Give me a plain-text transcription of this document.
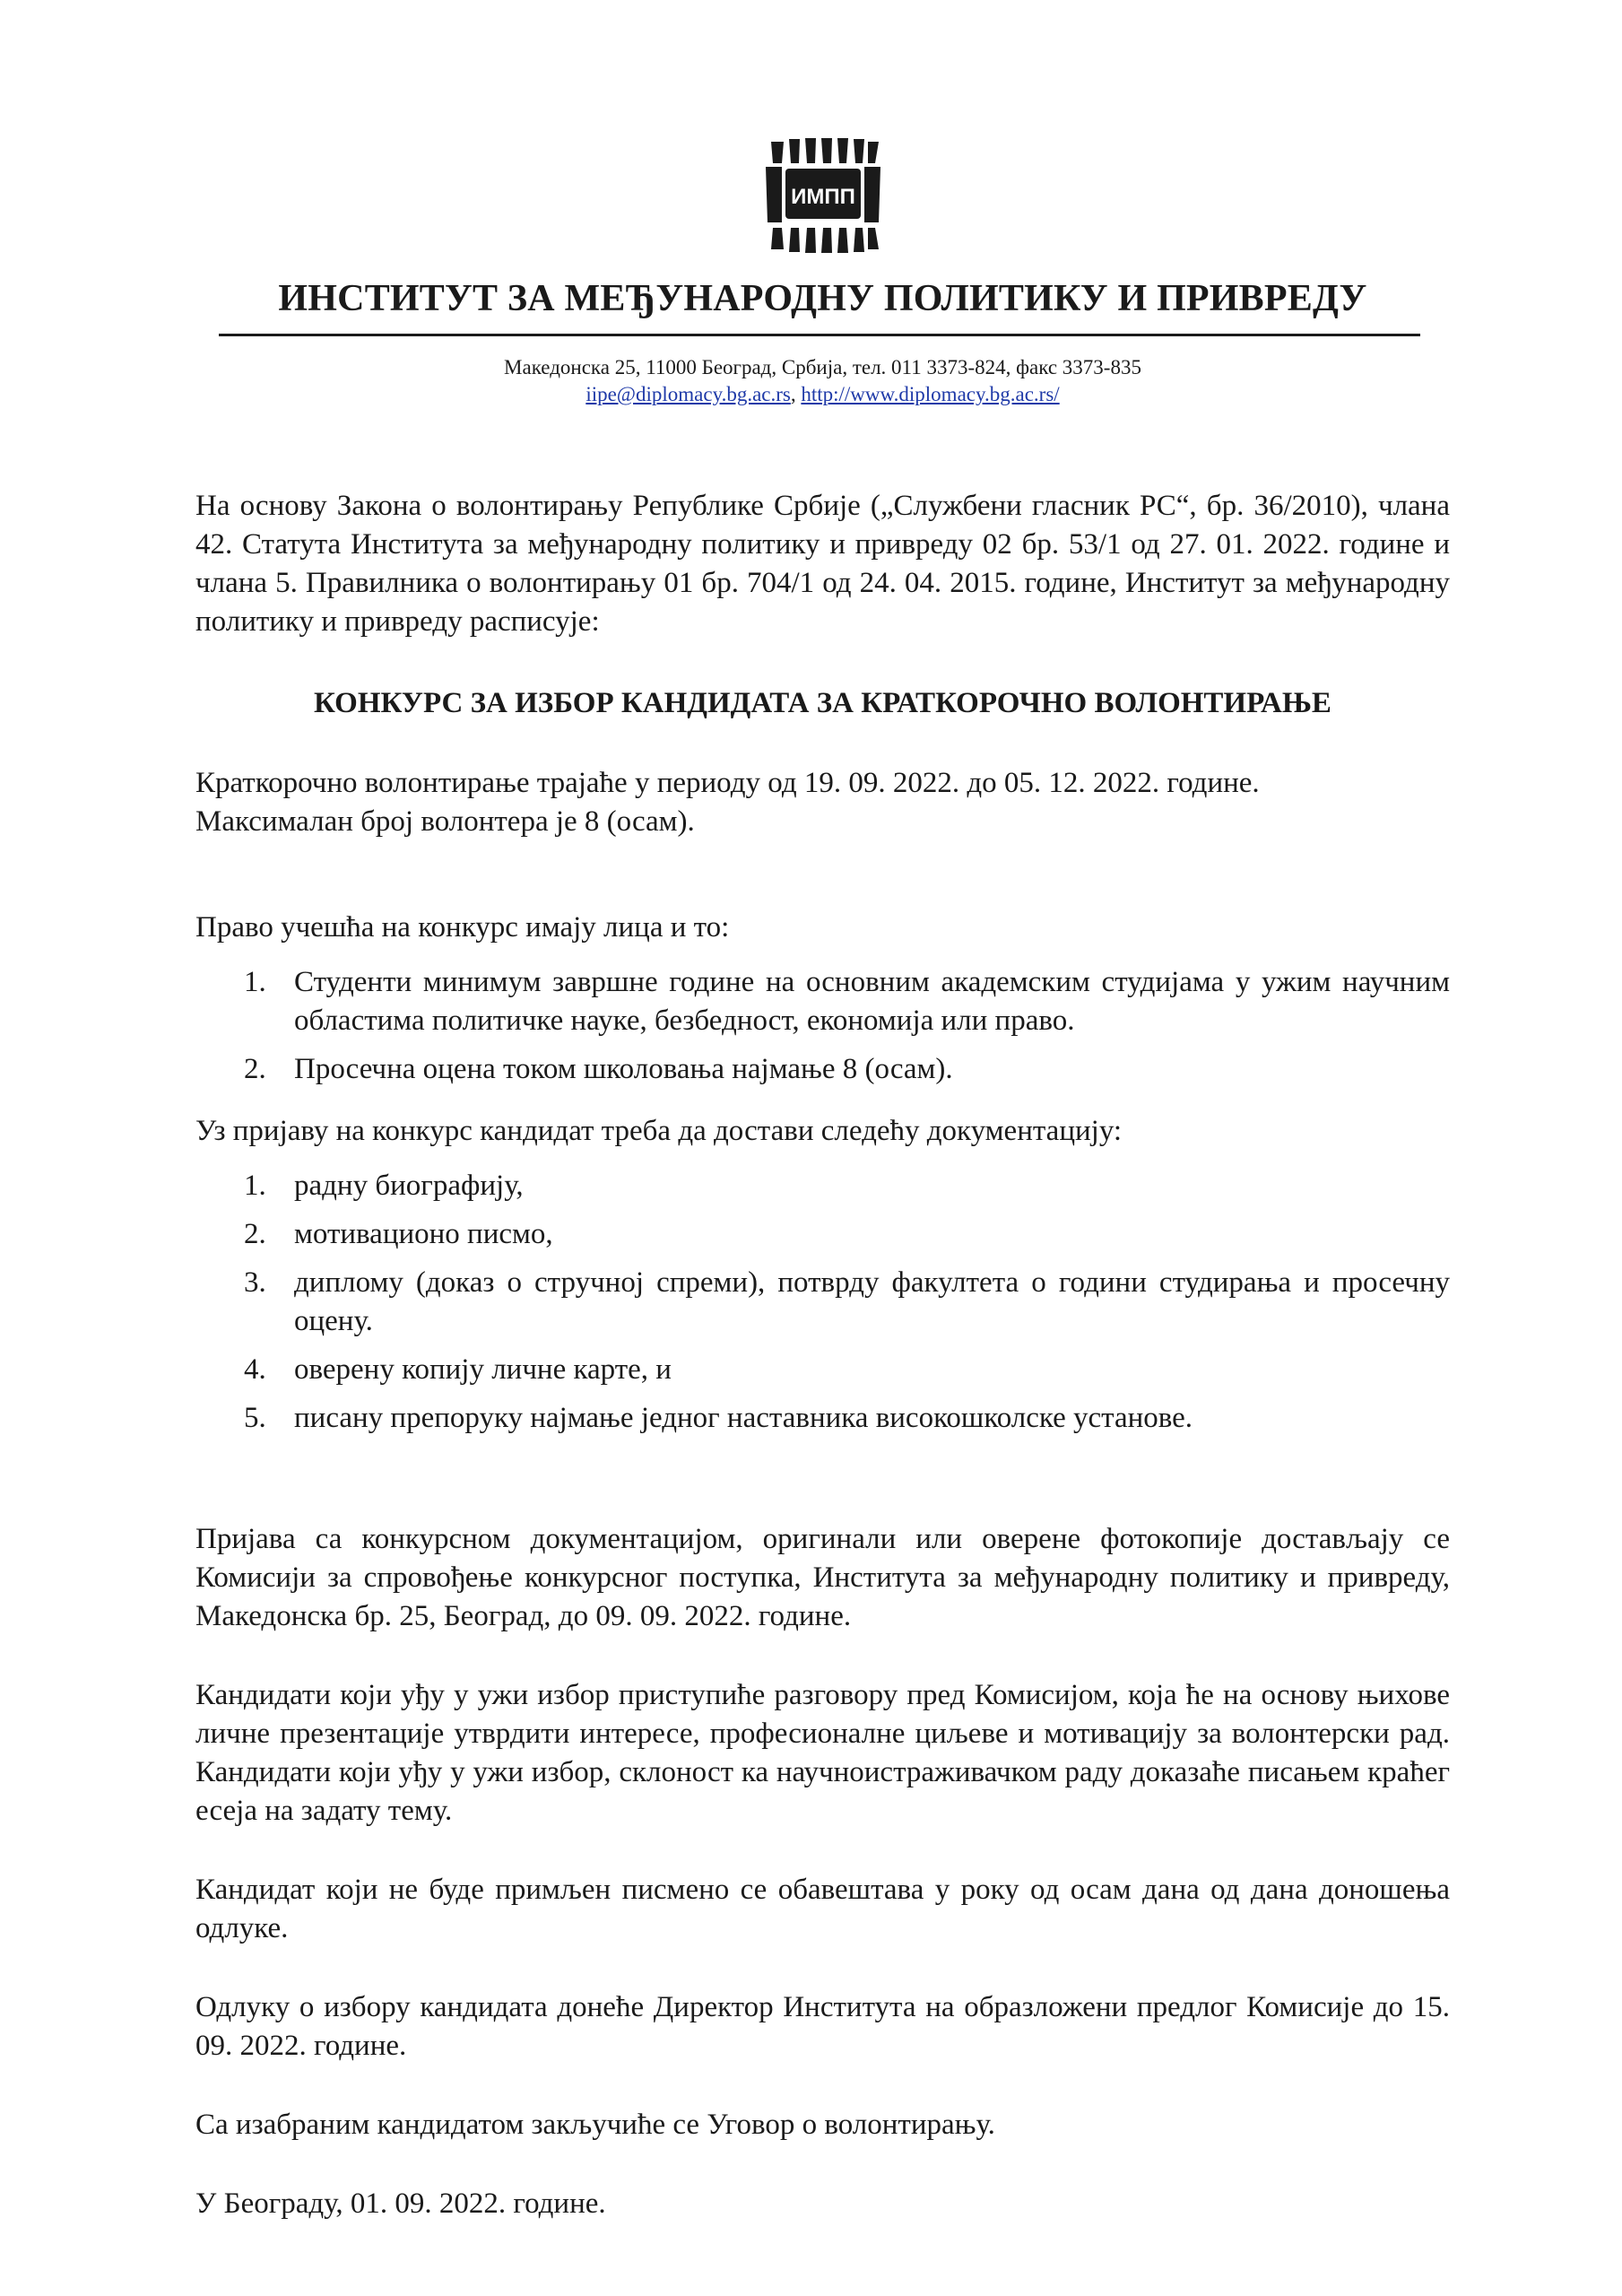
ИМПП
ИНСТИТУТ ЗА МЕЂУНАРОДНУ ПОЛИТИКУ И ПРИВРЕДУ
Македонска 25, 11000 Београд, Србија, тел. 011 3373-824, факс 3373-835
iipe@diplomacy.bg.ac.rs, http://www.diplomacy.bg.ac.rs/

На основу Закона о волонтирању Републике Србије („Службени гласник РС“, бр. 36/2010), члана 42. Статута Института за међународну политику и привреду 02 бр. 53/1 од 27. 01. 2022. године и члана 5. Правилника о волонтирању 01 бр. 704/1 од 24. 04. 2015. године, Институт за међународну политику и привреду расписује:

КОНКУРС ЗА ИЗБОР КАНДИДАТА ЗА КРАТКОРОЧНО ВОЛОНТИРАЊЕ

Краткорочно волонтирање трајаће у периоду од 19. 09. 2022. до 05. 12. 2022. године.

Максималан број волонтера је 8 (осам).

Право учешћа на конкурс имају лица и то:

1. Студенти минимум завршне године на основним академским студијама у ужим научним областима политичке науке, безбедност, економија или право.
2. Просечна оцена током школовања најмање 8 (осам).

Уз пријаву на конкурс кандидат треба да достави следећу документацију:

1. радну биографију,
2. мотивационо писмо,
3. диплому (доказ о стручној спреми), потврду факултета о години студирања и просечну оцену.
4. оверену копију личне карте, и
5. писану препоруку најмање једног наставника високошколске установе.

Пријава са конкурсном документацијом, оригинали или оверене фотокопије достављају се Комисији за спровођење конкурсног поступка, Института за међународну политику и привреду, Македонска бр. 25, Београд, до 09. 09. 2022. године.

Кандидати који уђу у ужи избор приступиће разговору пред Комисијом, која ће на основу њихове личне презентације утврдити интересе, професионалне циљеве и мотивацију за волонтерски рад. Кандидати који уђу у ужи избор, склоност ка научноистраживачком раду доказаће писањем краћег есеја на задату тему.

Кандидат који не буде примљен писмено се обавештава у року од осам дана од дана доношења одлуке.

Одлуку о избору кандидата донеће Директор Института на образложени предлог Комисије до 15. 09. 2022. године.

Са изабраним кандидатом закључиће се Уговор о волонтирању.

У Београду, 01. 09. 2022. године.
